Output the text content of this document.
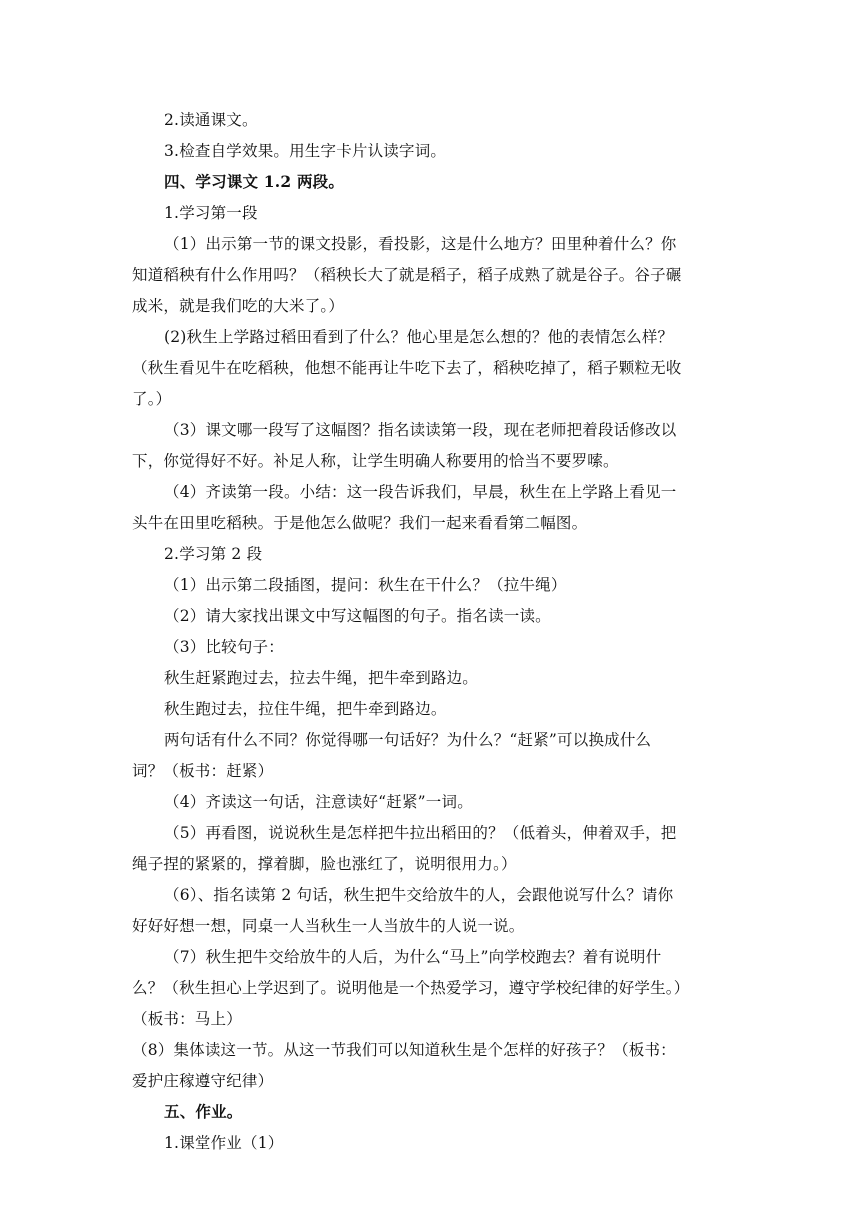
2.读通课文。
3.检查自学效果。用生字卡片认读字词。
四、学习课文 1.2 两段。
1.学习第一段
（1）出示第一节的课文投影，看投影，这是什么地方？田里种着什么？你
知道稻秧有什么作用吗？（稻秧长大了就是稻子，稻子成熟了就是谷子。谷子碾
成米，就是我们吃的大米了。）
(2)秋生上学路过稻田看到了什么？他心里是怎么想的？他的表情怎么样？
（秋生看见牛在吃稻秧，他想不能再让牛吃下去了，稻秧吃掉了，稻子颗粒无收
了。）
（3）课文哪一段写了这幅图？指名读读第一段，现在老师把着段话修改以
下，你觉得好不好。补足人称，让学生明确人称要用的恰当不要罗嗦。
（4）齐读第一段。小结：这一段告诉我们，早晨，秋生在上学路上看见一
头牛在田里吃稻秧。于是他怎么做呢？我们一起来看看第二幅图。
2.学习第 2 段
（1）出示第二段插图，提问：秋生在干什么？（拉牛绳）
（2）请大家找出课文中写这幅图的句子。指名读一读。
（3）比较句子：
秋生赶紧跑过去，拉去牛绳，把牛牵到路边。
秋生跑过去，拉住牛绳，把牛牵到路边。
两句话有什么不同？你觉得哪一句话好？为什么？“赶紧”可以换成什么
词？（板书：赶紧）
（4）齐读这一句话，注意读好“赶紧”一词。
（5）再看图，说说秋生是怎样把牛拉出稻田的？（低着头，伸着双手，把
绳子捏的紧紧的，撑着脚，脸也涨红了，说明很用力。）
（6）、指名读第 2 句话，秋生把牛交给放牛的人，会跟他说写什么？请你
好好好想一想，同桌一人当秋生一人当放牛的人说一说。
（7）秋生把牛交给放牛的人后，为什么“马上”向学校跑去？着有说明什
么？（秋生担心上学迟到了。说明他是一个热爱学习，遵守学校纪律的好学生。）
（板书：马上）
（8）集体读这一节。从这一节我们可以知道秋生是个怎样的好孩子？（板书：
爱护庄稼遵守纪律）
五、作业。
1.课堂作业（1）
